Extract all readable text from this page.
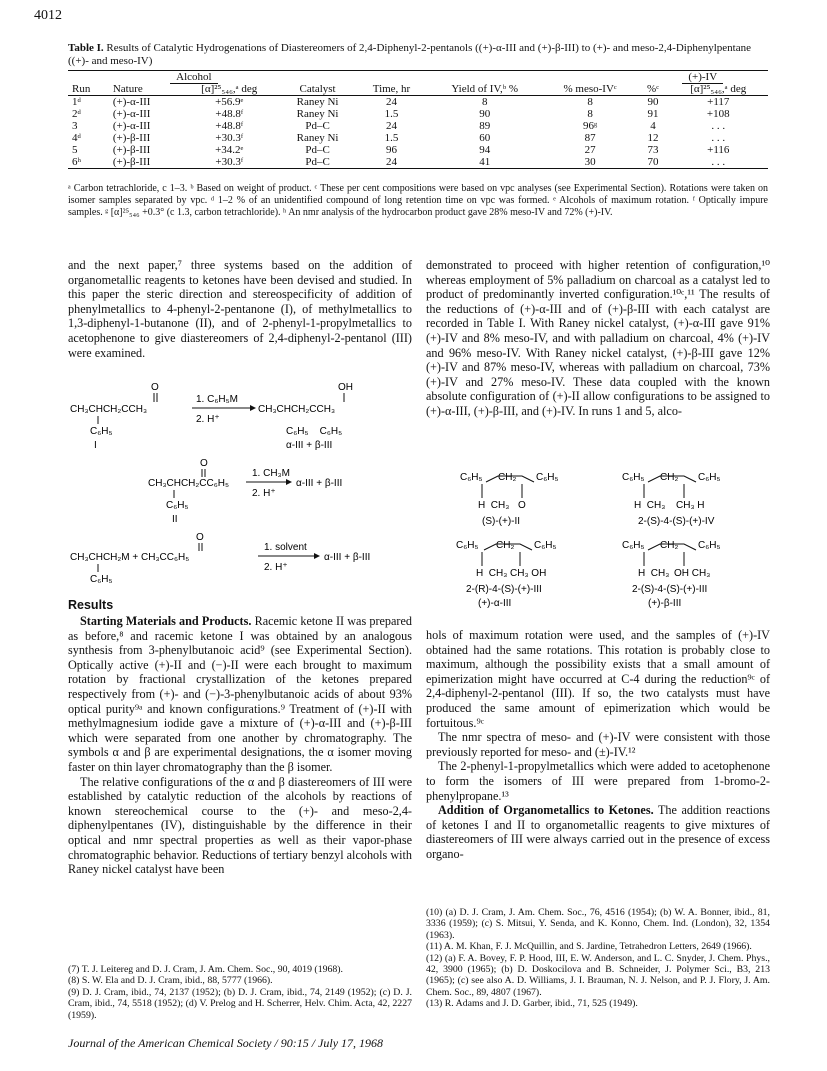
4012
Table I. Results of Catalytic Hydrogenations of Diastereomers of 2,4-Diphenyl-2-pentanols ((+)-α-III and (+)-β-III) to (+)- and meso-2,4-Diphenylpentane ((+)- and meso-IV)
	Alcohol						(+)-IV	
Run	Nature	[α]²⁵₅₄₆,ᵃ deg	Catalyst	Time, hr	Yield of IV,ᵇ %	% meso-IVᶜ	%ᶜ	[α]²⁵₅₄₆,ᵃ deg
1ᵈ	(+)-α-III	+56.9ᵉ	Raney Ni	24	8	8	90	+117
2ᵈ	(+)-α-III	+48.8ᶠ	Raney Ni	1.5	90	8	91	+108
3	(+)-α-III	+48.8ᶠ	Pd–C	24	89	96ᵍ	4	. . .
4ᵈ	(+)-β-III	+30.3ᶠ	Raney Ni	1.5	60	87	12	. . .
5	(+)-β-III	+34.2ᵉ	Pd–C	96	94	27	73	+116
6ʰ	(+)-β-III	+30.3ᶠ	Pd–C	24	41	30	70	. . .
ᵃ Carbon tetrachloride, c 1–3. ᵇ Based on weight of product. ᶜ These per cent compositions were based on vpc analyses (see Experimental Section). Rotations were taken on isomer samples separated by vpc. ᵈ 1–2 % of an unidentified compound of long retention time on vpc was formed. ᵉ Alcohols of maximum rotation. ᶠ Optically impure samples. ᵍ [α]²⁵₅₄₆ +0.3° (c 1.3, carbon tetrachloride). ʰ An nmr analysis of the hydrocarbon product gave 28% meso-IV and 72% (+)-IV.
and the next paper,⁷ three systems based on the addition of organometallic reagents to ketones have been devised and studied. In this paper the steric direction and stereospecificity of addition of phenylmetallics to 4-phenyl-2-pentanone (I), of methylmetallics to 1,3-diphenyl-1-butanone (II), and of 2-phenyl-1-propylmetallics to acetophenone to give diastereomers of 2,4-diphenyl-2-pentanol (III) were examined.
O
CH₃CHCH₂CCH₃
C₆H₅
I
1. C₆H₅M
2. H⁺
OH
CH₃CHCH₂CCH₃
C₆H₅    C₆H₅
α-III + β-III
O
CH₃CHCH₂CC₆H₅
C₆H₅
II
1. CH₃M
2. H⁺
α-III + β-III
O
CH₃CHCH₂M + CH₃CC₆H₅
C₆H₅
1. solvent
2. H⁺
α-III + β-III
Results

Starting Materials and Products. Racemic ketone II was prepared as before,⁸ and racemic ketone I was obtained by an analogous synthesis from 3-phenylbutanoic acid⁹ (see Experimental Section). Optically active (+)-II and (−)-II were each brought to maximum rotation by fractional crystallization of the ketones prepared respectively from (+)- and (−)-3-phenylbutanoic acids of about 93% optical purity⁹ᵃ and known configurations.⁹ Treatment of (+)-II with methylmagnesium iodide gave a mixture of (+)-α-III and (+)-β-III which were separated from one another by chromatography. The symbols α and β are experimental designations, the α isomer moving faster on thin layer chromatography than the β isomer.

The relative configurations of the α and β diastereomers of III were established by catalytic reduction of the alcohols by reactions of known stereochemical course to the (+)- and meso-2,4-diphenylpentanes (IV), distinguishable by the difference in their optical and nmr spectral properties as well as their vapor-phase chromatographic behavior. Reductions of tertiary benzyl alcohols with Raney nickel catalyst have been

(7) T. J. Leitereg and D. J. Cram, J. Am. Chem. Soc., 90, 4019 (1968).
(8) S. W. Ela and D. J. Cram, ibid., 88, 5777 (1966).
(9) D. J. Cram, ibid., 74, 2137 (1952); (b) D. J. Cram, ibid., 74, 2149 (1952); (c) D. J. Cram, ibid., 74, 5518 (1952); (d) V. Prelog and H. Scherrer, Helv. Chim. Acta, 42, 2227 (1959).
demonstrated to proceed with higher retention of configuration,¹⁰ whereas employment of 5% palladium on charcoal as a catalyst led to product of predominantly inverted configuration.¹⁰ᶜ,¹¹ The results of the reductions of (+)-α-III and of (+)-β-III with each catalyst are recorded in Table I. With Raney nickel catalyst, (+)-α-III gave 91% (+)-IV and 8% meso-IV, and with palladium on charcoal, 4% (+)-IV and 96% meso-IV. With Raney nickel catalyst, (+)-β-III gave 12% (+)-IV and 87% meso-IV, whereas with palladium on charcoal, 73% (+)-IV and 27% meso-IV. These data coupled with the known absolute configuration of (+)-II allow configurations to be assigned to (+)-α-III, (+)-β-III, and (+)-IV. In runs 1 and 5, alco-
C₆H₅ CH₂ C₆H₅
H  CH₃ O
(S)-(+)-II
C₆H₅ CH₂ C₆H₅
H  CH₃ CH₃ H
2-(S)-4-(S)-(+)-IV
C₆H₅ CH₂ C₆H₅
H  CH₃ CH₃ OH
2-(R)-4-(S)-(+)-III
(+)-α-III
C₆H₅ CH₂ C₆H₅
H  CH₃ OH CH₃
2-(S)-4-(S)-(+)-III
(+)-β-III

hols of maximum rotation were used, and the samples of (+)-IV obtained had the same rotations. This rotation is probably close to maximum, although the possibility exists that a small amount of epimerization might have occurred at C-4 during the reduction⁹ᶜ of 2,4-diphenyl-2-pentanol (III). If so, the two catalysts must have produced the same amount of epimerization which would be fortuitous.⁹ᶜ

The nmr spectra of meso- and (+)-IV were consistent with those previously reported for meso- and (±)-IV.¹²

The 2-phenyl-1-propylmetallics which were added to acetophenone to form the isomers of III were prepared from 1-bromo-2-phenylpropane.¹³

Addition of Organometallics to Ketones. The addition reactions of ketones I and II to organometallic reagents to give mixtures of diastereomers of III were always carried out in the presence of excess organo-

(10) (a) D. J. Cram, J. Am. Chem. Soc., 76, 4516 (1954); (b) W. A. Bonner, ibid., 81, 3336 (1959); (c) S. Mitsui, Y. Senda, and K. Konno, Chem. Ind. (London), 32, 1354 (1963).
(11) A. M. Khan, F. J. McQuillin, and S. Jardine, Tetrahedron Letters, 2649 (1966).
(12) (a) F. A. Bovey, F. P. Hood, III, E. W. Anderson, and L. C. Snyder, J. Chem. Phys., 42, 3900 (1965); (b) D. Doskocilova and B. Schneider, J. Polymer Sci., B3, 213 (1965); (c) see also A. D. Williams, J. I. Brauman, N. J. Nelson, and P. J. Flory, J. Am. Chem. Soc., 89, 4807 (1967).
(13) R. Adams and J. D. Garber, ibid., 71, 525 (1949).
Journal of the American Chemical Society / 90:15 / July 17, 1968
